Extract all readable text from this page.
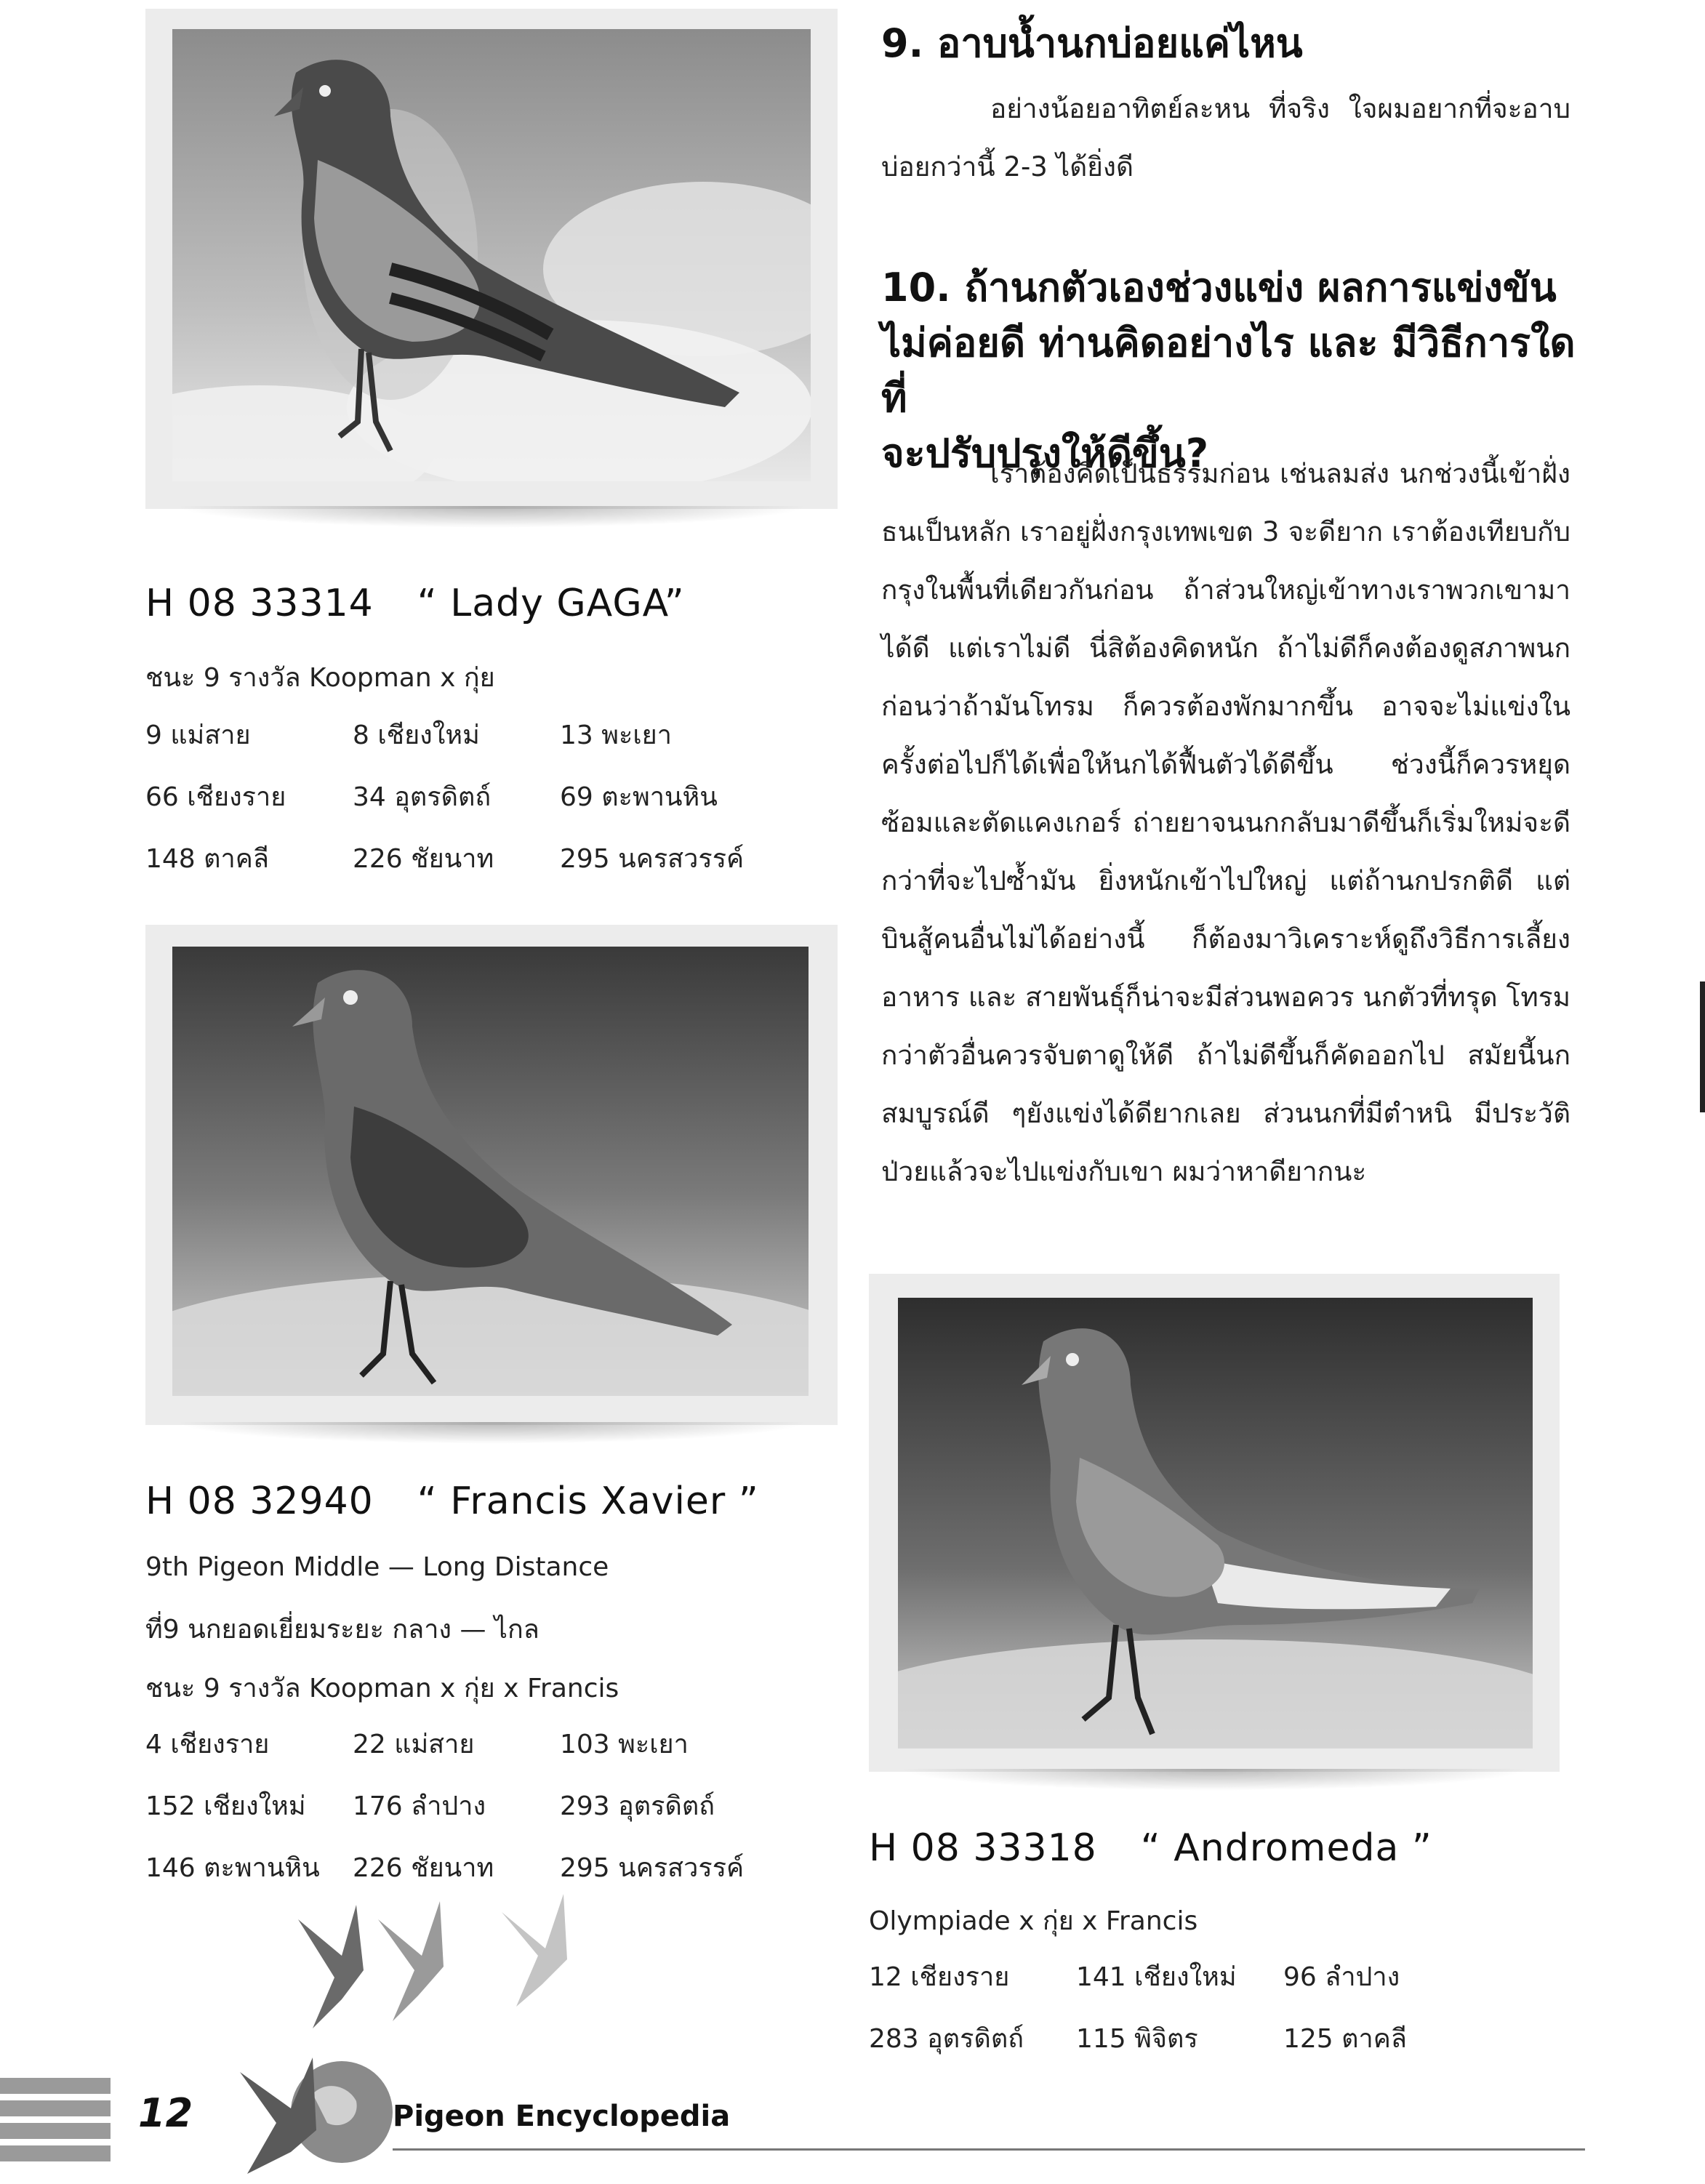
H 08 33314 “ Lady GAGA”
ชนะ 9 รางวัล Koopman x กุ่ย
9 แม่สาย	8 เชียงใหม่	13 พะเยา
66 เชียงราย	34 อุตรดิตถ์	69 ตะพานหิน
148 ตาคลี	226 ชัยนาท	295 นครสวรรค์
H 08 32940 “ Francis Xavier ”
9th Pigeon Middle — Long Distance
ที่9 นกยอดเยี่ยมระยะ กลาง — ไกล
ชนะ 9 รางวัล Koopman x กุ่ย x Francis
4 เชียงราย	22 แม่สาย	103 พะเยา
152 เชียงใหม่	176 ลำปาง	293 อุตรดิตถ์
146 ตะพานหิน	226 ชัยนาท	295 นครสวรรค์
9. อาบน้ำนกบ่อยแค่ไหน
อย่างน้อยอาทิตย์ละหน ที่จริง ใจผมอยากที่จะอาบบ่อยกว่านี้ 2-3 ได้ยิ่งดี
10. ถ้านกตัวเองช่วงแข่ง ผลการแข่งขัน
ไม่ค่อยดี ท่านคิดอย่างไร และ มีวิธีการใดที่
จะปรับปรุงให้ดีขึ้น?
เราต้องคิดเป็นธรรมก่อน เช่นลมส่ง นกช่วงนี้เข้าฝั่งธนเป็นหลัก เราอยู่ฝั่งกรุงเทพเขต 3 จะดียาก เราต้องเทียบกับกรุงในพื้นที่เดียวกันก่อน ถ้าส่วนใหญ่เข้าทางเราพวกเขามาได้ดี แต่เราไม่ดี นี่สิต้องคิดหนัก ถ้าไม่ดีก็คงต้องดูสภาพนกก่อนว่าถ้ามันโทรม ก็ควรต้องพักมากขึ้น อาจจะไม่แข่งในครั้งต่อไปก็ได้เพื่อให้นกได้ฟื้นตัวได้ดีขึ้น ช่วงนี้ก็ควรหยุดซ้อมและตัดแคงเกอร์ ถ่ายยาจนนกกลับมาดีขึ้นก็เริ่มใหม่จะดีกว่าที่จะไปซ้ำมัน ยิ่งหนักเข้าไปใหญ่ แต่ถ้านกปรกติดี แต่ บินสู้คนอื่นไม่ได้อย่างนี้ ก็ต้องมาวิเคราะห์ดูถึงวิธีการเลี้ยง อาหาร และ สายพันธุ์ก็น่าจะมีส่วนพอควร นกตัวที่ทรุด โทรมกว่าตัวอื่นควรจับตาดูให้ดี ถ้าไม่ดีขึ้นก็คัดออกไป สมัยนี้นกสมบูรณ์ดี ๆยังแข่งได้ดียากเลย ส่วนนกที่มีตำหนิ มีประวัติป่วยแล้วจะไปแข่งกับเขา ผมว่าหาดียากนะ
H 08 33318 “ Andromeda ”
Olympiade x กุ่ย x Francis
12 เชียงราย	141 เชียงใหม่	96 ลำปาง
283 อุตรดิตถ์	115 พิจิตร	125 ตาคลี
12	Pigeon Encyclopedia
